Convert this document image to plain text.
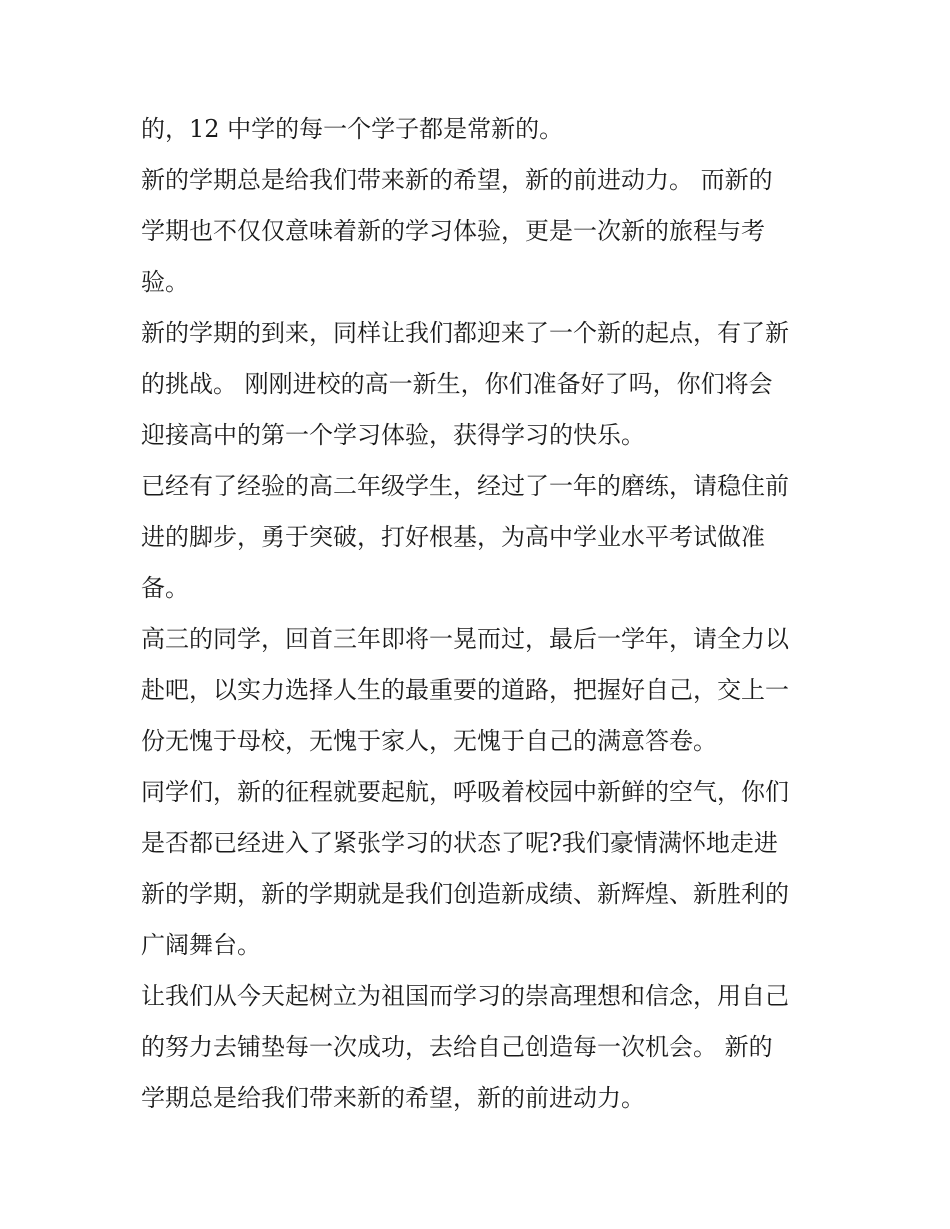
的，12 中学的每一个学子都是常新的。
新的学期总是给我们带来新的希望，新的前进动力。 而新的
学期也不仅仅意味着新的学习体验，更是一次新的旅程与考
验。
新的学期的到来，同样让我们都迎来了一个新的起点，有了新
的挑战。 刚刚进校的高一新生，你们准备好了吗，你们将会
迎接高中的第一个学习体验，获得学习的快乐。
已经有了经验的高二年级学生，经过了一年的磨练，请稳住前
进的脚步，勇于突破，打好根基，为高中学业水平考试做准
备。
高三的同学，回首三年即将一晃而过，最后一学年，请全力以
赴吧，以实力选择人生的最重要的道路，把握好自己，交上一
份无愧于母校，无愧于家人，无愧于自己的满意答卷。
同学们，新的征程就要起航，呼吸着校园中新鲜的空气，你们
是否都已经进入了紧张学习的状态了呢?我们豪情满怀地走进
新的学期，新的学期就是我们创造新成绩、新辉煌、新胜利的
广阔舞台。
让我们从今天起树立为祖国而学习的崇高理想和信念，用自己
的努力去铺垫每一次成功，去给自己创造每一次机会。 新的
学期总是给我们带来新的希望，新的前进动力。
